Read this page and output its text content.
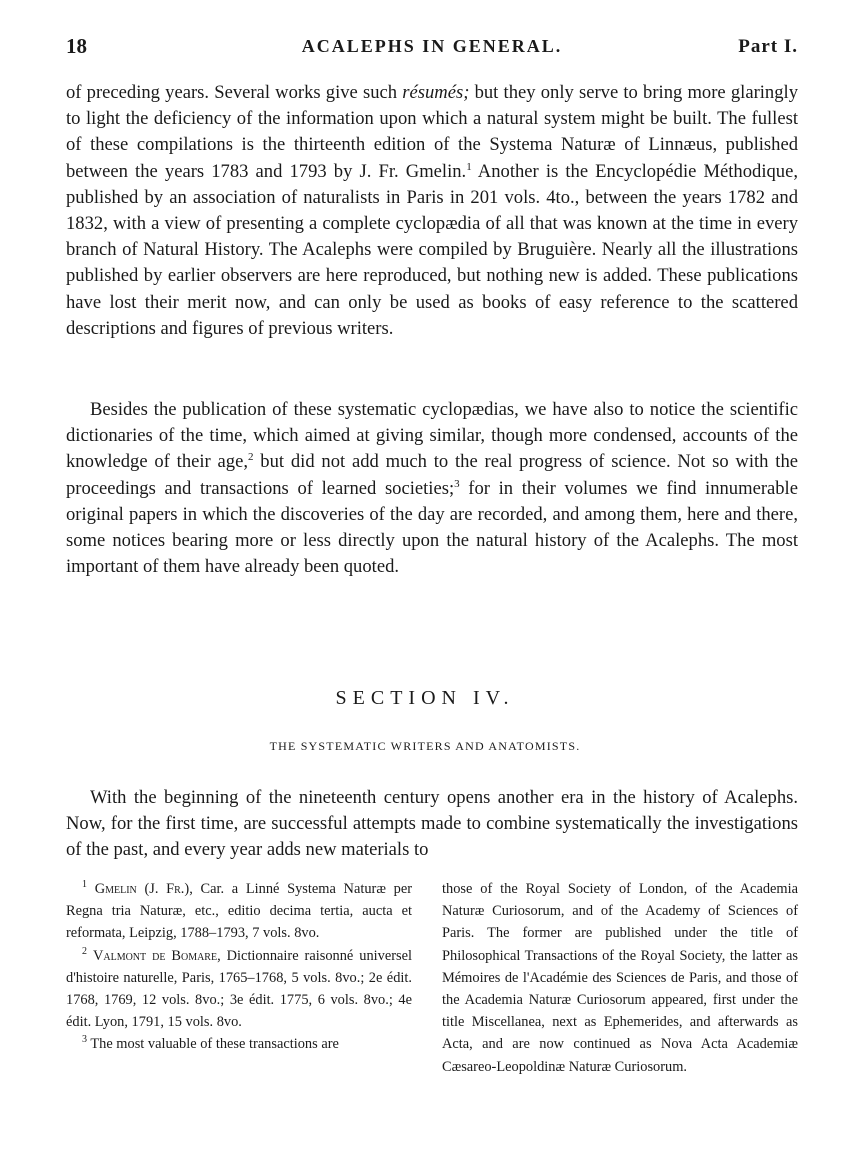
18	ACALEPHS IN GENERAL.	Part I.

of preceding years. Several works give such résumés; but they only serve to bring more glaringly to light the deficiency of the information upon which a natural system might be built. The fullest of these compilations is the thirteenth edition of the Systema Naturæ of Linnæus, published between the years 1783 and 1793 by J. Fr. Gmelin.$^1$ Another is the Encyclopédie Méthodique, published by an association of naturalists in Paris in 201 vols. 4to., between the years 1782 and 1832, with a view of presenting a complete cyclopædia of all that was known at the time in every branch of Natural History. The Acalephs were compiled by Bruguière. Nearly all the illustrations published by earlier observers are here reproduced, but nothing new is added. These publications have lost their merit now, and can only be used as books of easy reference to the scattered descriptions and figures of previous writers.

Besides the publication of these systematic cyclopædias, we have also to notice the scientific dictionaries of the time, which aimed at giving similar, though more condensed, accounts of the knowledge of their age,$^2$ but did not add much to the real progress of science. Not so with the proceedings and transactions of learned societies;$^3$ for in their volumes we find innumerable original papers in which the discoveries of the day are recorded, and among them, here and there, some notices bearing more or less directly upon the natural history of the Acalephs. The most important of them have already been quoted.

SECTION IV.
THE SYSTEMATIC WRITERS AND ANATOMISTS.

With the beginning of the nineteenth century opens another era in the history of Acalephs. Now, for the first time, are successful attempts made to combine systematically the investigations of the past, and every year adds new materials to

$^1$ Gmelin (J. Fr.), Car. a Linné Systema Naturæ per Regna tria Naturæ, etc., editio decima tertia, aucta et reformata, Leipzig, 1788–1793, 7 vols. 8vo.

$^2$ Valmont de Bomare, Dictionnaire raisonné universel d'histoire naturelle, Paris, 1765–1768, 5 vols. 8vo.; 2e édit. 1768, 1769, 12 vols. 8vo.; 3e édit. 1775, 6 vols. 8vo.; 4e édit. Lyon, 1791, 15 vols. 8vo.

$^3$ The most valuable of these transactions are

those of the Royal Society of London, of the Academia Naturæ Curiosorum, and of the Academy of Sciences of Paris. The former are published under the title of Philosophical Transactions of the Royal Society, the latter as Mémoires de l'Académie des Sciences de Paris, and those of the Academia Naturæ Curiosorum appeared, first under the title Miscellanea, next as Ephemerides, and afterwards as Acta, and are now continued as Nova Acta Academiæ Cæsareo-Leopoldinæ Naturæ Curiosorum.
